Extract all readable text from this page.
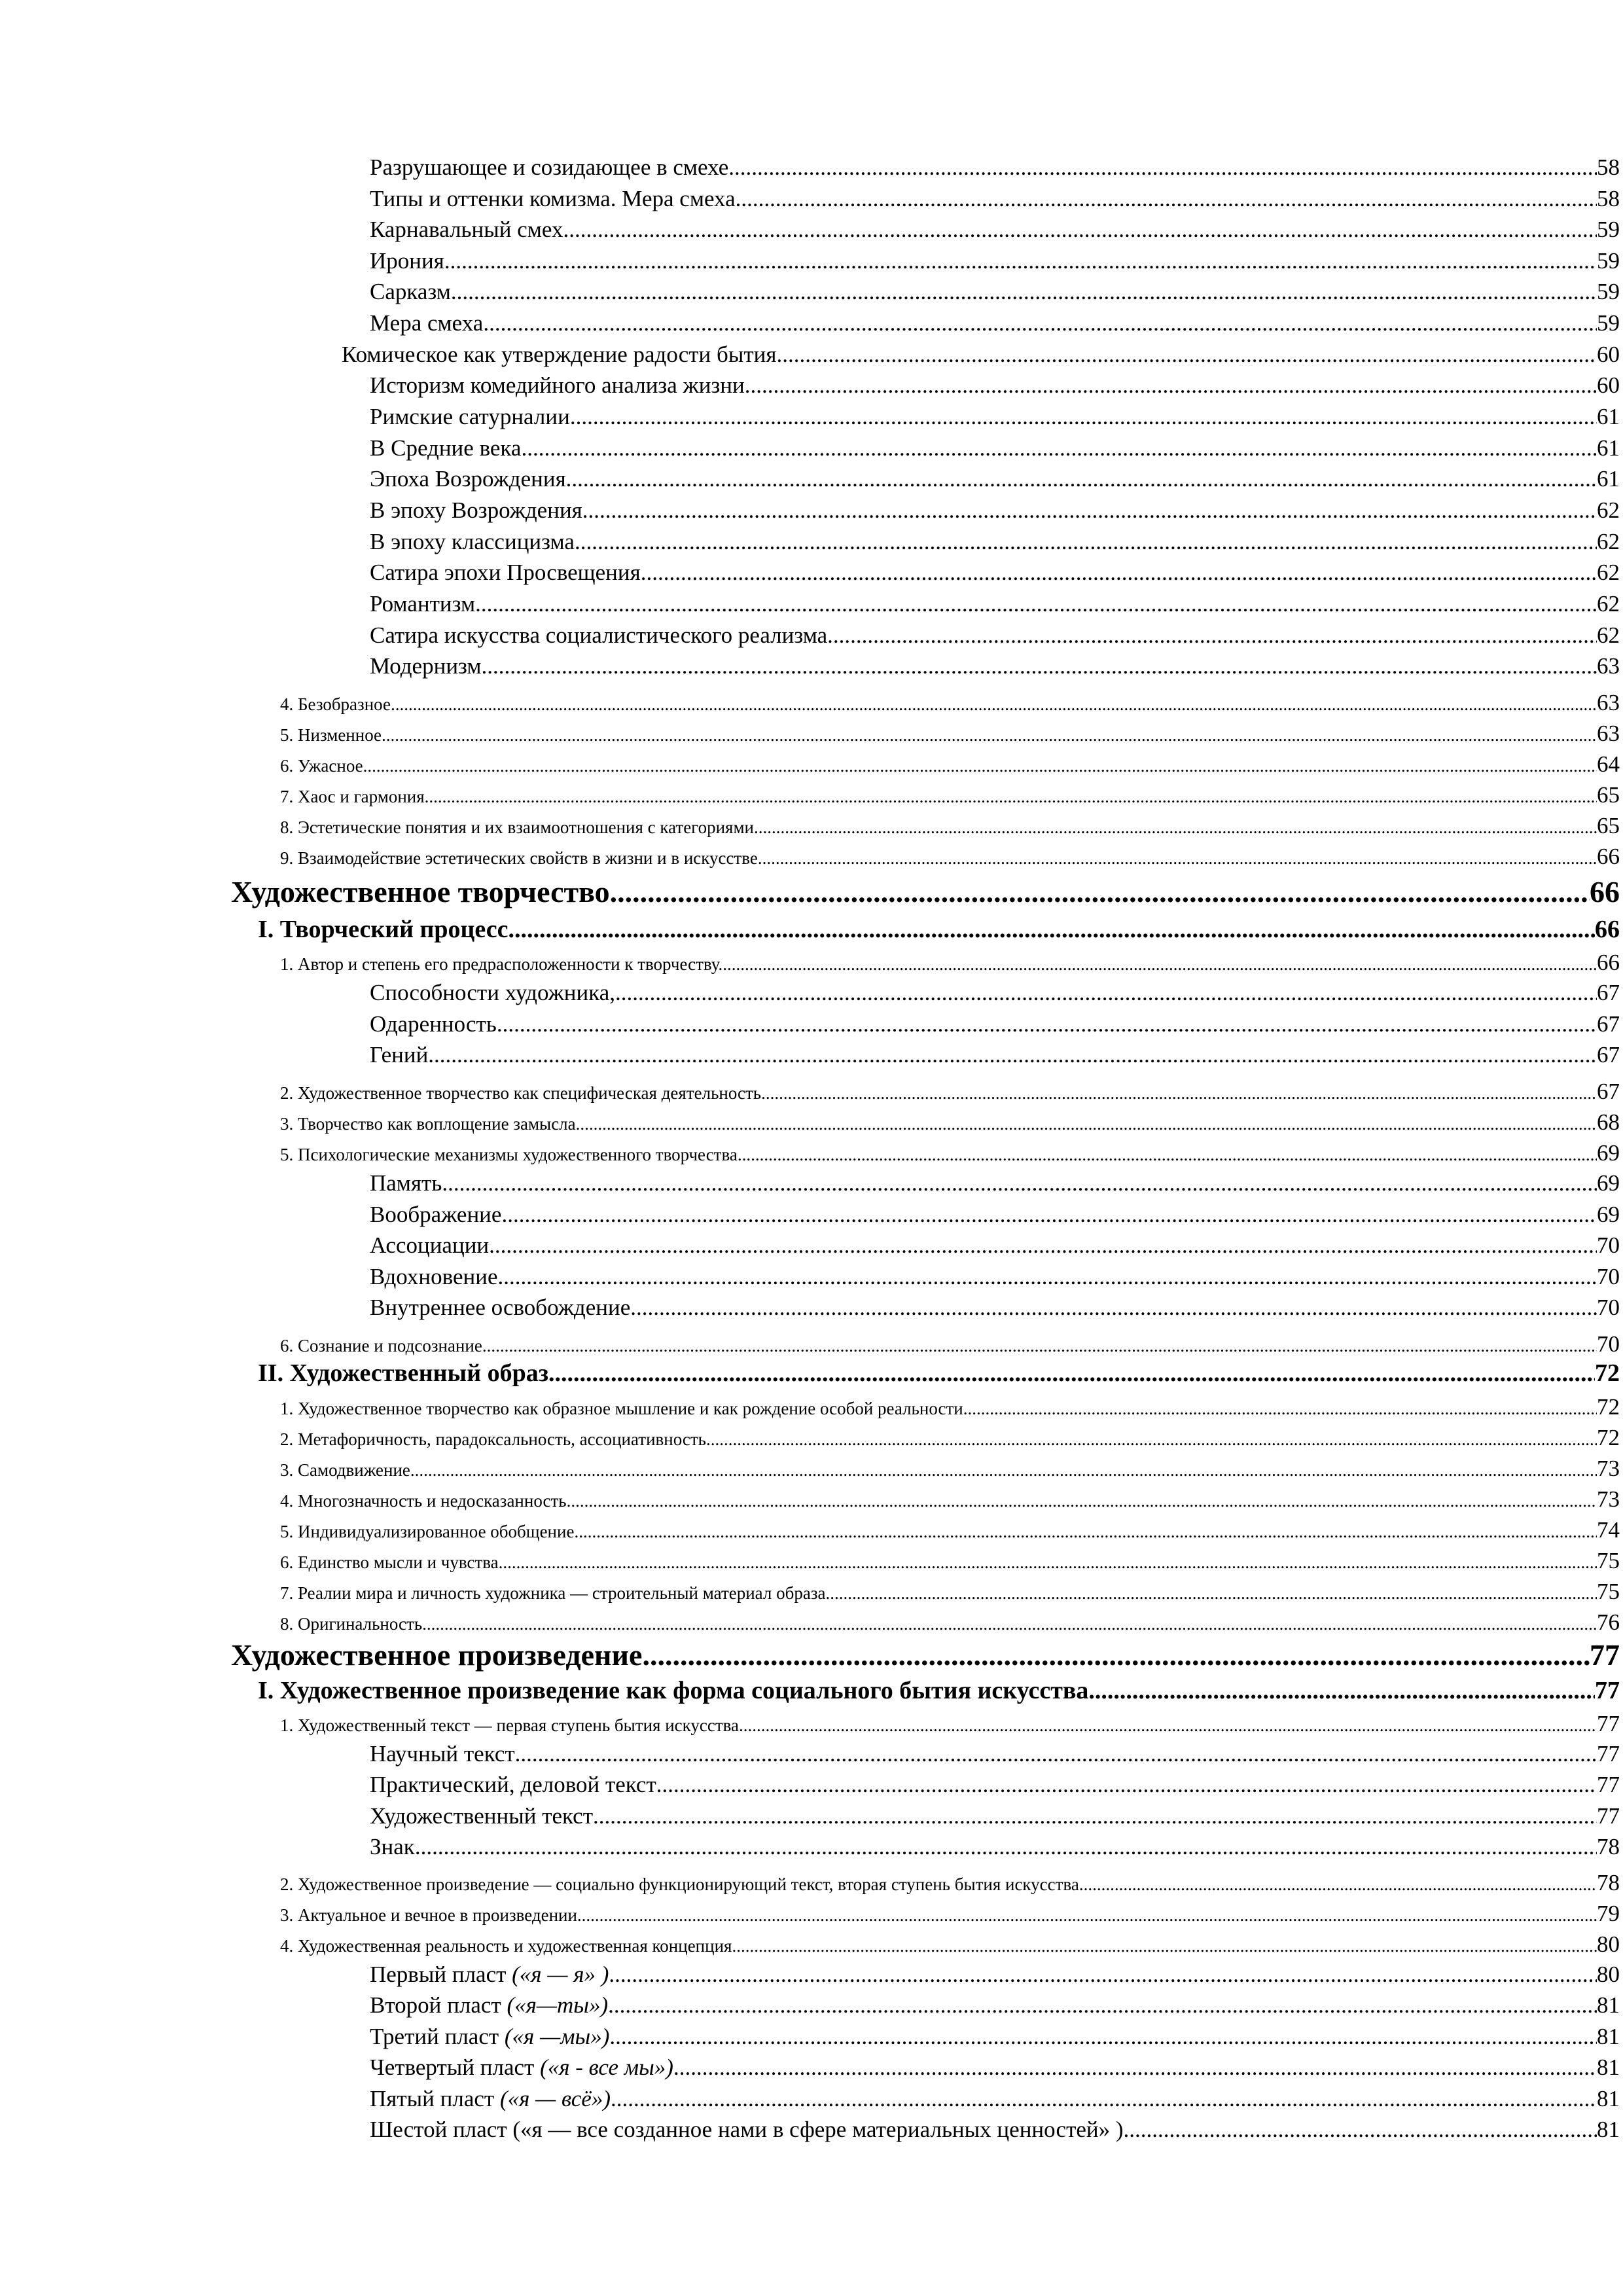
Разрушающее и созидающее в смехе .....	58
Типы и оттенки комизма. Мера смеха .....	58
Карнавальный смех .....	59
Ирония .....	59
Сарказм .....	59
Мера смеха .....	59
Комическое как утверждение радости бытия .....	60
Историзм комедийного анализа жизни. .....	60
Римские сатурналии .....	61
В Средние века .....	61
Эпоха Возрождения .....	61
В эпоху Возрождения .....	62
В эпоху классицизма .....	62
Сатира эпохи Просвещения .....	62
Романтизм .....	62
Сатира искусства социалистического реализма .....	62
Модернизм .....	63
4. Безобразное .....	63
5. Низменное .....	63
6. Ужасное. .....	64
7. Хаос и гармония. .....	65
8. Эстетические понятия и их взаимоотношения с категориями. .....	65
9. Взаимодействие эстетических свойств в жизни и в искусстве. .....	66
Художественное творчество .....	66
I. Творческий процесс .....	66
1. Автор и степень его предрасположенности к творчеству. .....	66
Способности художника, .....	67
Одаренность .....	67
Гений .....	67
2. Художественное творчество как специфическая деятельность. .....	67
3. Творчество как воплощение замысла. .....	68
5. Психологические механизмы художественного творчества. .....	69
Память .....	69
Воображение .....	69
Ассоциации .....	70
Вдохновение .....	70
Внутреннее освобождение .....	70
6. Сознание и подсознание .....	70
II. Художественный образ .....	72
1. Художественное творчество как образное мышление и как рождение особой реальности. .....	72
2. Метафоричность, парадоксальность, ассоциативность. .....	72
3. Самодвижение. .....	73
4. Многозначность и недосказанность. .....	73
5. Индивидуализированное обобщение. .....	74
6. Единство мысли и чувства. .....	75
7. Реалии мира и личность художника — строительный материал образа. .....	75
8. Оригинальность .....	76
Художественное произведение .....	77
I. Художественное произведение как форма социального бытия искусства .....	77
1. Художественный текст — первая ступень бытия искусства. .....	77
Научный текст .....	77
Практический, деловой текст .....	77
Художественный текст .....	77
Знак .....	78
2. Художественное произведение — социально функционирующий текст, вторая ступень бытия искусства. .....	78
3. Актуальное и вечное в произведении .....	79
4. Художественная реальность и художественная концепция. .....	80
Первый пласт («я — я» ) .....	80
Второй пласт («я—ты») .....	81
Третий пласт («я —мы») .....	81
Четвертый пласт («я - все мы») .....	81
Пятый пласт («я — всё») .....	81
Шестой пласт («я — все созданное нами в сфере материальных ценностей» ) .....	81
